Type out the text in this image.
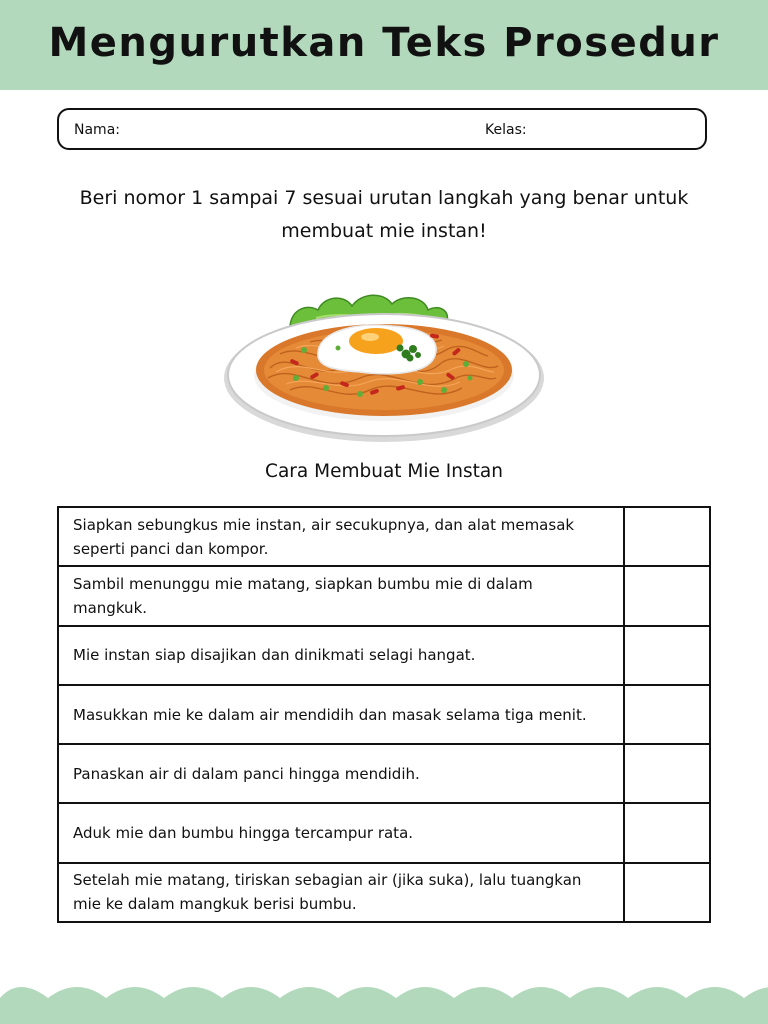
Mengurutkan Teks Prosedur
Nama:	Kelas:
Beri nomor 1 sampai 7 sesuai urutan langkah yang benar untuk membuat mie instan!
Cara Membuat Mie Instan
Siapkan sebungkus mie instan, air secukupnya, dan alat memasak seperti panci dan kompor.	
Sambil menunggu mie matang, siapkan bumbu mie di dalam mangkuk.	
Mie instan siap disajikan dan dinikmati selagi hangat.	
Masukkan mie ke dalam air mendidih dan masak selama tiga menit.	
Panaskan air di dalam panci hingga mendidih.	
Aduk mie dan bumbu hingga tercampur rata.	
Setelah mie matang, tiriskan sebagian air (jika suka), lalu tuangkan mie ke dalam mangkuk berisi bumbu.	
